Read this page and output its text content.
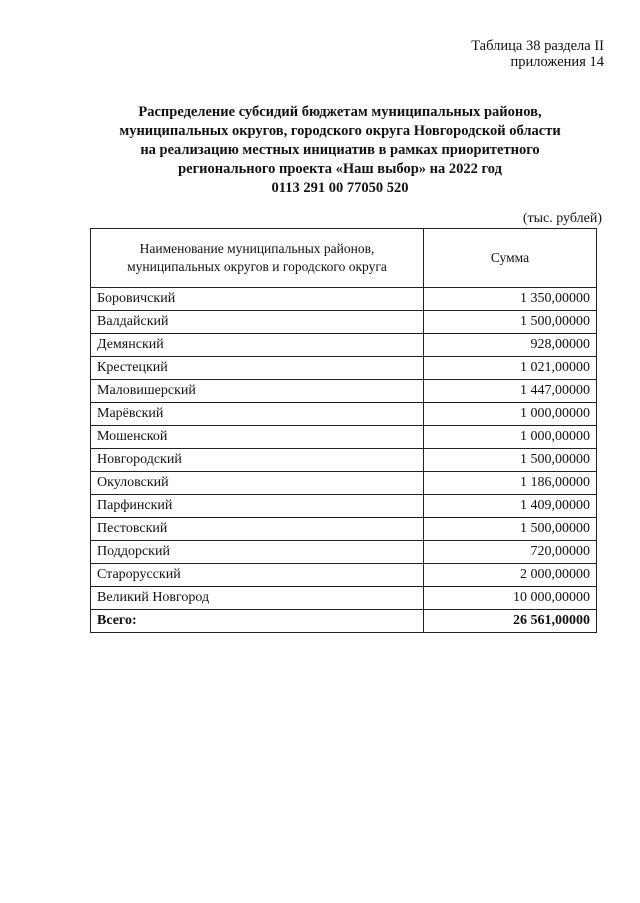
Таблица 38 раздела II
приложения 14
Распределение субсидий бюджетам муниципальных районов,
муниципальных округов, городского округа Новгородской области
на реализацию местных инициатив в рамках приоритетного
регионального проекта «Наш выбор» на 2022 год
0113 291 00 77050 520
(тыс. рублей)
Наименование муниципальных районов,
муниципальных округов и городского округа	Сумма
Боровичский	1 350,00000
Валдайский	1 500,00000
Демянский	928,00000
Крестецкий	1 021,00000
Маловишерский	1 447,00000
Марёвский	1 000,00000
Мошенской	1 000,00000
Новгородский	1 500,00000
Окуловский	1 186,00000
Парфинский	1 409,00000
Пестовский	1 500,00000
Поддорский	720,00000
Старорусский	2 000,00000
Великий Новгород	10 000,00000
Всего:	26 561,00000
